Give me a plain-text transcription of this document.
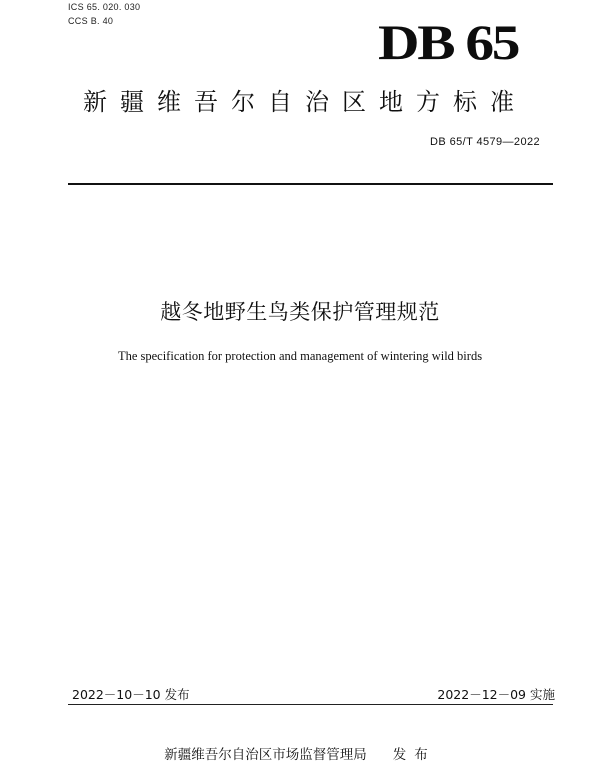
ICS 65. 020. 030
CCS B. 40	DB 65
新疆维吾尔自治区地方标准
DB 65/T 4579—2022
越冬地野生鸟类保护管理规范
The specification for protection and management of wintering wild birds
2022－10－10 发布	2022－12－09 实施
新疆维吾尔自治区市场监督管理局 发布
